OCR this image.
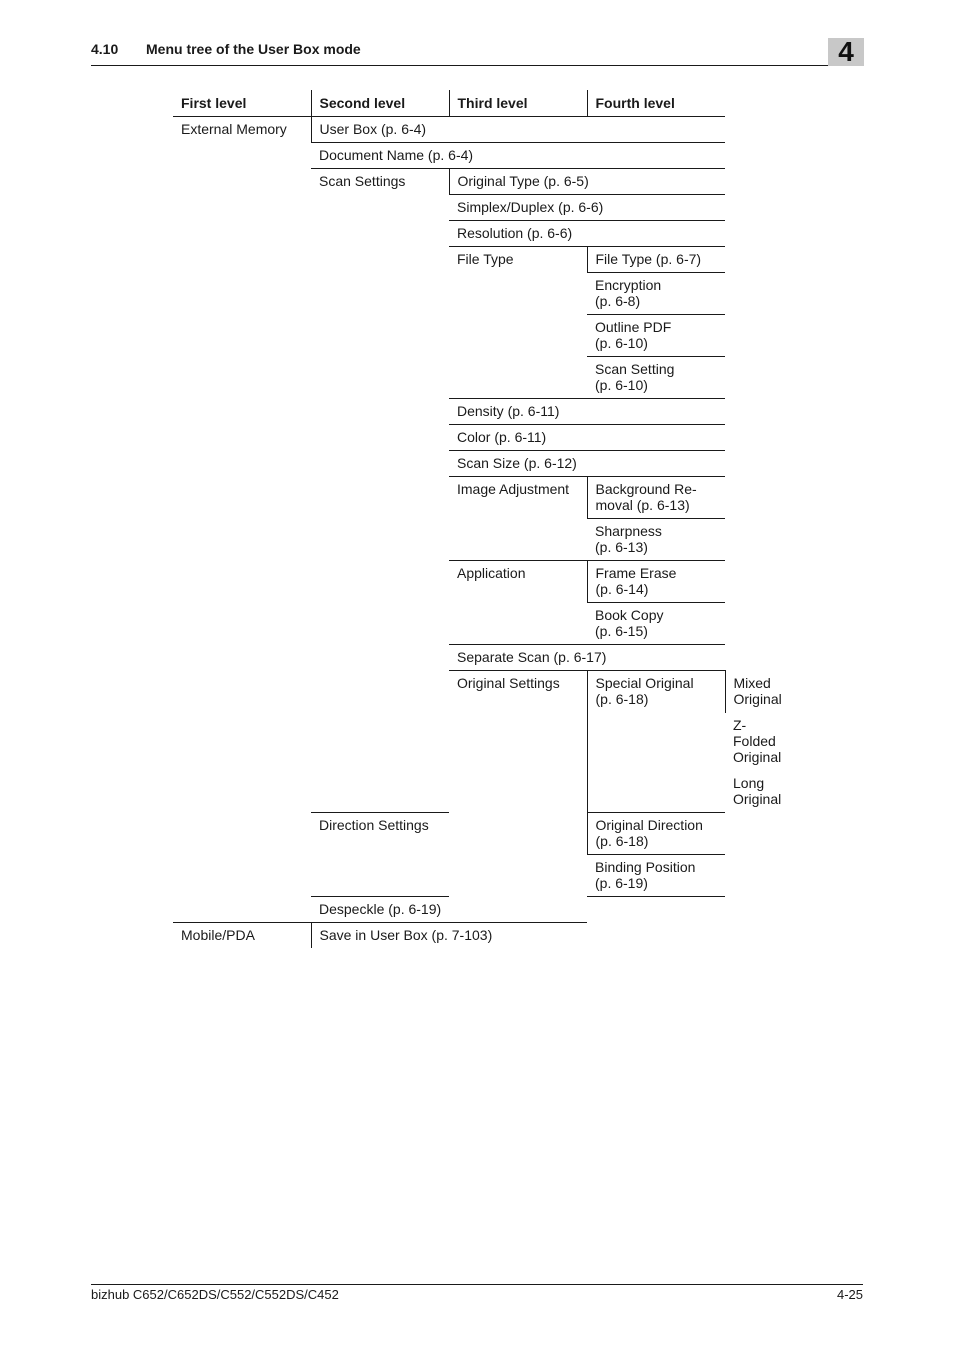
4.10 Menu tree of the User Box mode	4
First level	Second level	Third level	Fourth level	
External Memory	User Box (p. 6-4)			
	Document Name (p. 6-4)			
	Scan Settings	Original Type (p. 6-5)		
		Simplex/Duplex (p. 6-6)		
		Resolution (p. 6-6)		
		File Type	File Type (p. 6-7)	
			Encryption
(p. 6-8)	
			Outline PDF
(p. 6-10)	
			Scan Setting
(p. 6-10)	
		Density (p. 6-11)		
		Color (p. 6-11)		
		Scan Size (p. 6-12)		
		Image Adjustment	Background Re-
moval (p. 6-13)	
			Sharpness
(p. 6-13)	
		Application	Frame Erase
(p. 6-14)	
			Book Copy
(p. 6-15)	
		Separate Scan (p. 6-17)		
		Original Settings	Special Original
(p. 6-18)	Mixed Original
				Z-Folded Original
				Long Original
	Direction Settings		Original Direction
(p. 6-18)	
			Binding Position
(p. 6-19)	
	Despeckle (p. 6-19)			
Mobile/PDA	Save in User Box (p. 7-103)			
bizhub C652/C652DS/C552/C552DS/C452	4-25
